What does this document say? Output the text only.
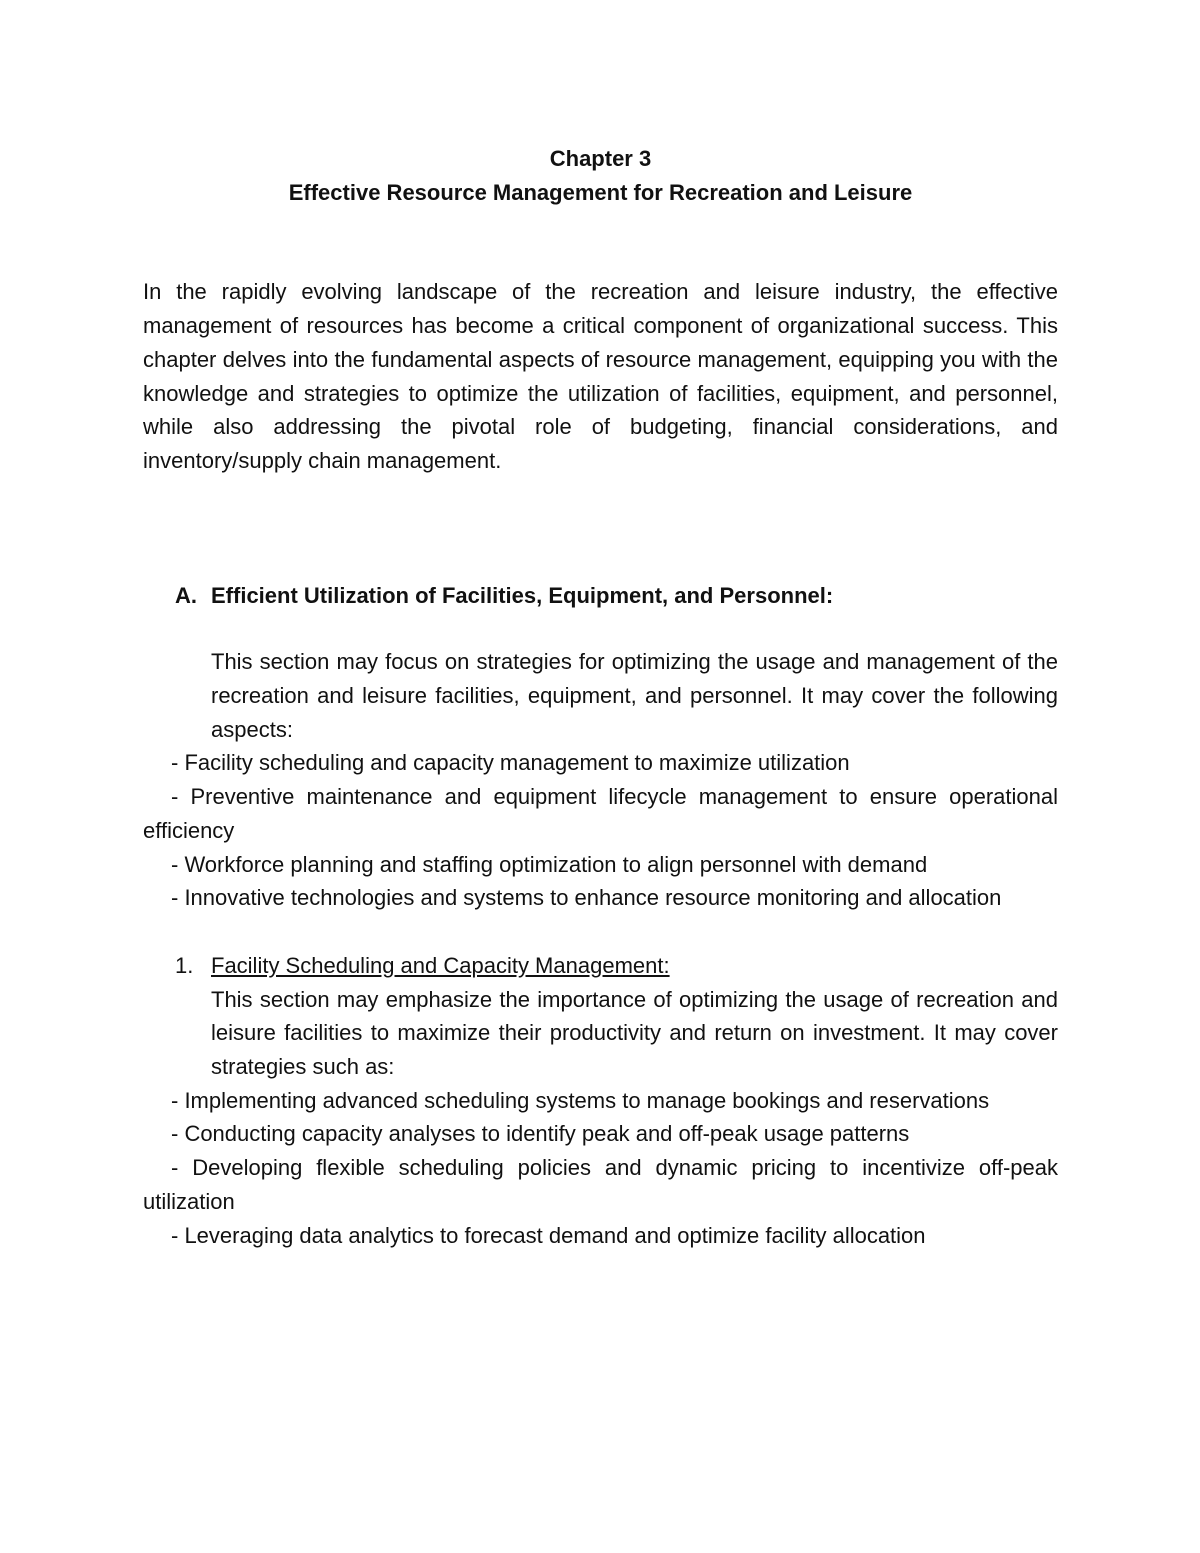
Chapter 3
Effective Resource Management for Recreation and Leisure

In the rapidly evolving landscape of the recreation and leisure industry, the effective management of resources has become a critical component of organizational success. This chapter delves into the fundamental aspects of resource management, equipping you with the knowledge and strategies to optimize the utilization of facilities, equipment, and personnel, while also addressing the pivotal role of budgeting, financial considerations, and inventory/supply chain management.

A. Efficient Utilization of Facilities, Equipment, and Personnel:
This section may focus on strategies for optimizing the usage and management of the recreation and leisure facilities, equipment, and personnel. It may cover the following aspects:
- Facility scheduling and capacity management to maximize utilization
- Preventive maintenance and equipment lifecycle management to ensure operational efficiency
- Workforce planning and staffing optimization to align personnel with demand
- Innovative technologies and systems to enhance resource monitoring and allocation
1. Facility Scheduling and Capacity Management:
This section may emphasize the importance of optimizing the usage of recreation and leisure facilities to maximize their productivity and return on investment. It may cover strategies such as:
- Implementing advanced scheduling systems to manage bookings and reservations
- Conducting capacity analyses to identify peak and off-peak usage patterns
- Developing flexible scheduling policies and dynamic pricing to incentivize off-peak utilization
- Leveraging data analytics to forecast demand and optimize facility allocation
